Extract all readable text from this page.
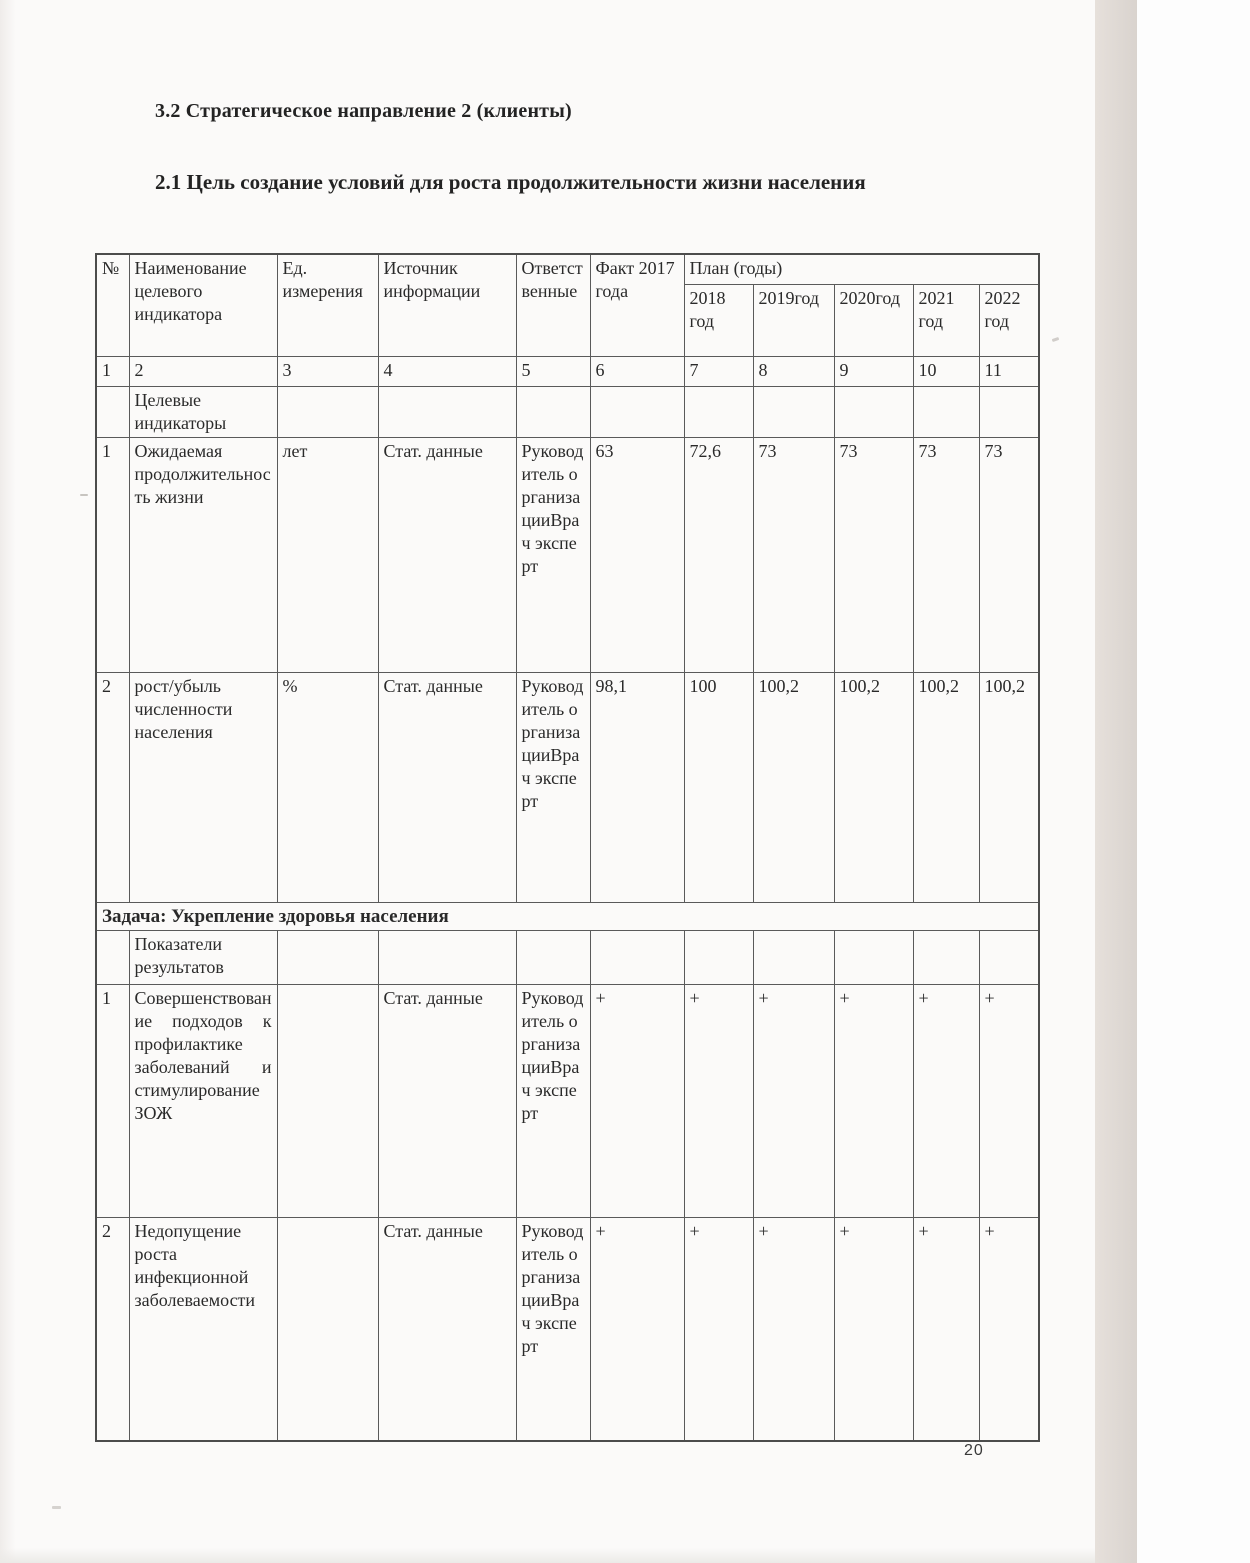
3.2 Стратегическое направление 2 (клиенты)

2.1 Цель создание условий для роста продолжительности жизни населения

№	Наименование целевого индикатора	Ед. измерения	Источник информации	Ответственные	Факт 2017 года	План (годы)				
						2018 год	2019год	2020год	2021 год	2022 год
1	2	3	4	5	6	7	8	9	10	11
	Целевые индикаторы									
1	Ожидаемая продолжительность жизни	лет	Стат. данные	Руководитель организацииВрач эксперт	63	72,6	73	73	73	73
2	рост/убыль численности населения	%	Стат. данные	Руководитель организацииВрач эксперт	98,1	100	100,2	100,2	100,2	100,2
Задача: Укрепление здоровья населения										
	Показатели результатов									
1	Совершенствование подходов к профилактике заболеваний и стимулирование ЗОЖ		Стат. данные	Руководитель организацииВрач эксперт	+	+	+	+	+	+
2	Недопущение роста инфекционной заболеваемости		Стат. данные	Руководитель организацииВрач эксперт	+	+	+	+	+	+
20
